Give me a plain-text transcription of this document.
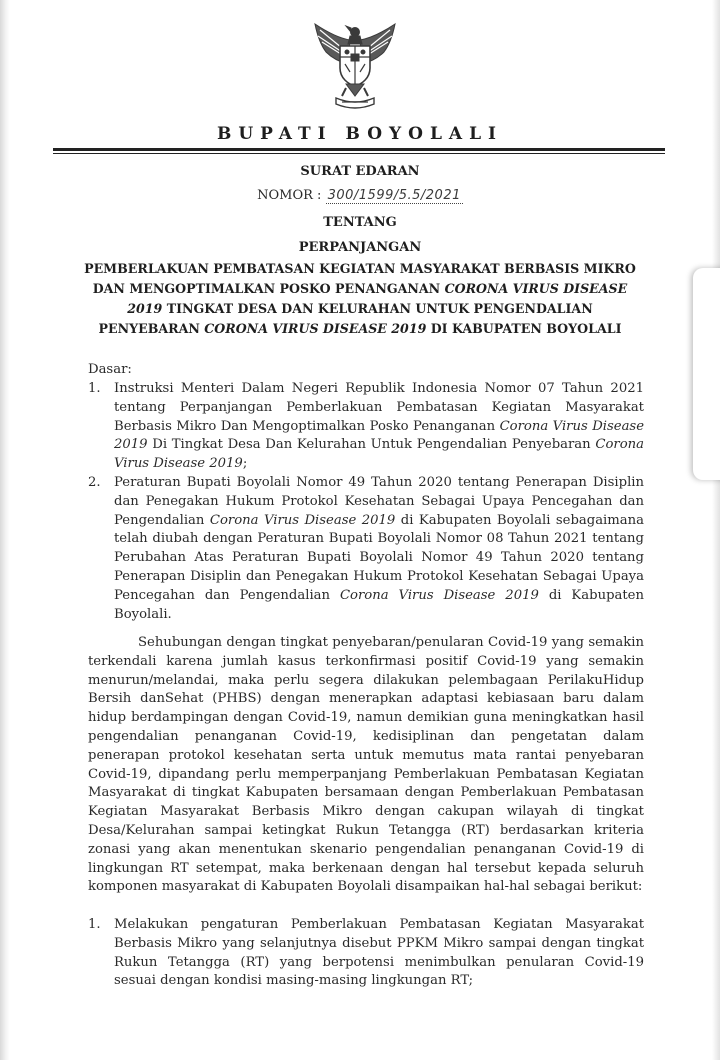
BUPATI BOYOLALI
SURAT EDARAN
NOMOR : 300/1599/5.5/2021
TENTANG
PERPANJANGAN
PEMBERLAKUAN PEMBATASAN KEGIATAN MASYARAKAT BERBASIS MIKRO
DAN MENGOPTIMALKAN POSKO PENANGANAN CORONA VIRUS DISEASE
2019 TINGKAT DESA DAN KELURAHAN UNTUK PENGENDALIAN
PENYEBARAN CORONA VIRUS DISEASE 2019 DI KABUPATEN BOYOLALI
Dasar:
1. Instruksi Menteri Dalam Negeri Republik Indonesia Nomor 07 Tahun 2021 tentang Perpanjangan Pemberlakuan Pembatasan Kegiatan Masyarakat Berbasis Mikro Dan Mengoptimalkan Posko Penanganan Corona Virus Disease 2019 Di Tingkat Desa Dan Kelurahan Untuk Pengendalian Penyebaran Corona Virus Disease 2019;

2. Peraturan Bupati Boyolali Nomor 49 Tahun 2020 tentang Penerapan Disiplin dan Penegakan Hukum Protokol Kesehatan Sebagai Upaya Pencegahan dan Pengendalian Corona Virus Disease 2019 di Kabupaten Boyolali sebagaimana telah diubah dengan Peraturan Bupati Boyolali Nomor 08 Tahun 2021 tentang Perubahan Atas Peraturan Bupati Boyolali Nomor 49 Tahun 2020 tentang Penerapan Disiplin dan Penegakan Hukum Protokol Kesehatan Sebagai Upaya Pencegahan dan Pengendalian Corona Virus Disease 2019 di Kabupaten Boyolali.

Sehubungan dengan tingkat penyebaran/penularan Covid-19 yang semakin terkendali karena jumlah kasus terkonfirmasi positif Covid-19 yang semakin menurun/melandai, maka perlu segera dilakukan pelembagaan PerilakuHidup Bersih danSehat (PHBS) dengan menerapkan adaptasi kebiasaan baru dalam hidup berdampingan dengan Covid-19, namun demikian guna meningkatkan hasil pengendalian penanganan Covid-19, kedisiplinan dan pengetatan dalam penerapan protokol kesehatan serta untuk memutus mata rantai penyebaran Covid-19, dipandang perlu memperpanjang Pemberlakuan Pembatasan Kegiatan Masyarakat di tingkat Kabupaten bersamaan dengan Pemberlakuan Pembatasan Kegiatan Masyarakat Berbasis Mikro dengan cakupan wilayah di tingkat Desa/Kelurahan sampai ketingkat Rukun Tetangga (RT) berdasarkan kriteria zonasi yang akan menentukan skenario pengendalian penanganan Covid-19 di lingkungan RT setempat, maka berkenaan dengan hal tersebut kepada seluruh komponen masyarakat di Kabupaten Boyolali disampaikan hal-hal sebagai berikut:

1. Melakukan pengaturan Pemberlakuan Pembatasan Kegiatan Masyarakat Berbasis Mikro yang selanjutnya disebut PPKM Mikro sampai dengan tingkat Rukun Tetangga (RT) yang berpotensi menimbulkan penularan Covid-19 sesuai dengan kondisi masing-masing lingkungan RT;
